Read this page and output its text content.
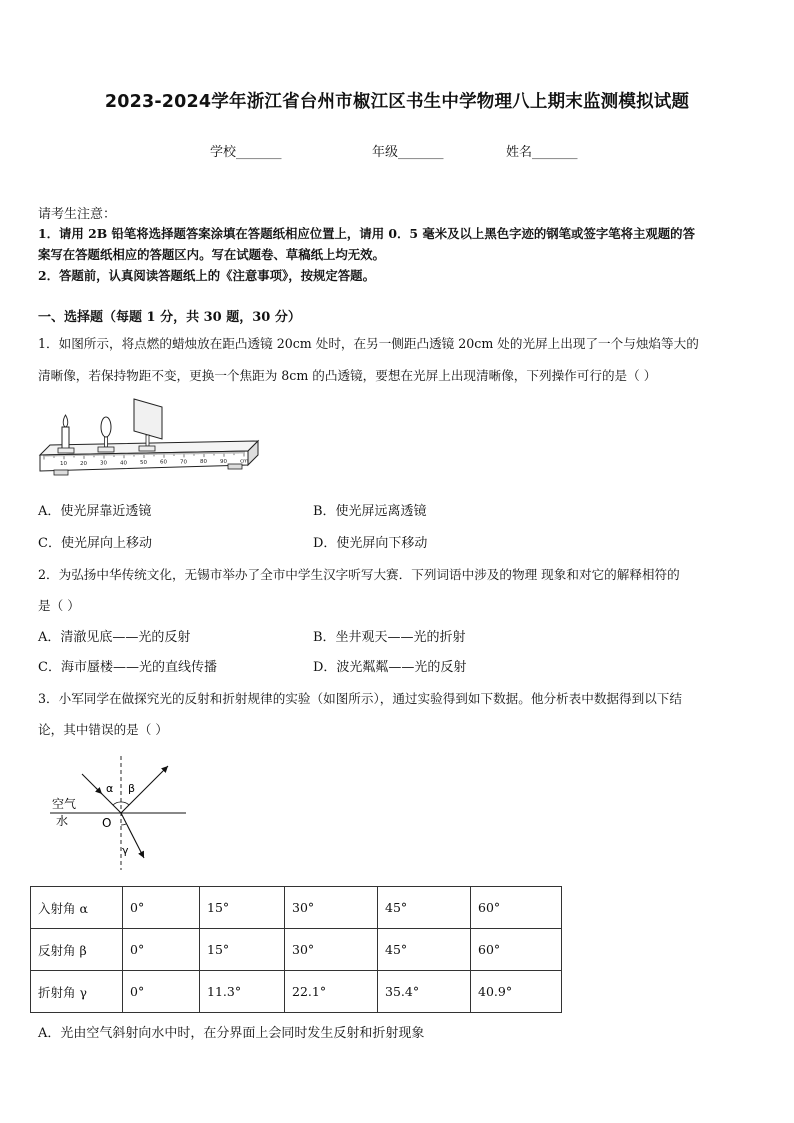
2023-2024学年浙江省台州市椒江区书生中学物理八上期末监测模拟试题
学校_______	年级_______	姓名_______
请考生注意：
1．请用 2B 铅笔将选择题答案涂填在答题纸相应位置上，请用 0．5 毫米及以上黑色字迹的钢笔或签字笔将主观题的答
案写在答题纸相应的答题区内。写在试题卷、草稿纸上均无效。
2．答题前，认真阅读答题纸上的《注意事项》，按规定答题。
一、选择题（每题 1 分，共 30 题，30 分）
1．如图所示，将点燃的蜡烛放在距凸透镜 20cm 处时，在另一侧距凸透镜 20cm 处的光屏上出现了一个与烛焰等大的
清晰像，若保持物距不变，更换一个焦距为 8cm 的凸透镜，要想在光屏上出现清晰像，下列操作可行的是（ ）
10 20 30 40 50 60 70 80 90 cm
A．使光屏靠近透镜	B．使光屏远离透镜
C．使光屏向上移动	D．使光屏向下移动
2．为弘扬中华传统文化，无锡市举办了全市中学生汉字听写大赛．下列词语中涉及的物理 现象和对它的解释相符的
是（ ）
A．清澈见底——光的反射	B．坐井观天——光的折射
C．海市蜃楼——光的直线传播	D．波光粼粼——光的反射
3．小军同学在做探究光的反射和折射规律的实验（如图所示），通过实验得到如下数据。他分析表中数据得到以下结
论，其中错误的是（ ）
α β
γ
空气
水	O
入射角 α	0°	15°	30°	45°	60°
反射角 β	0°	15°	30°	45°	60°
折射角 γ	0°	11.3°	22.1°	35.4°	40.9°
A．光由空气斜射向水中时，在分界面上会同时发生反射和折射现象
